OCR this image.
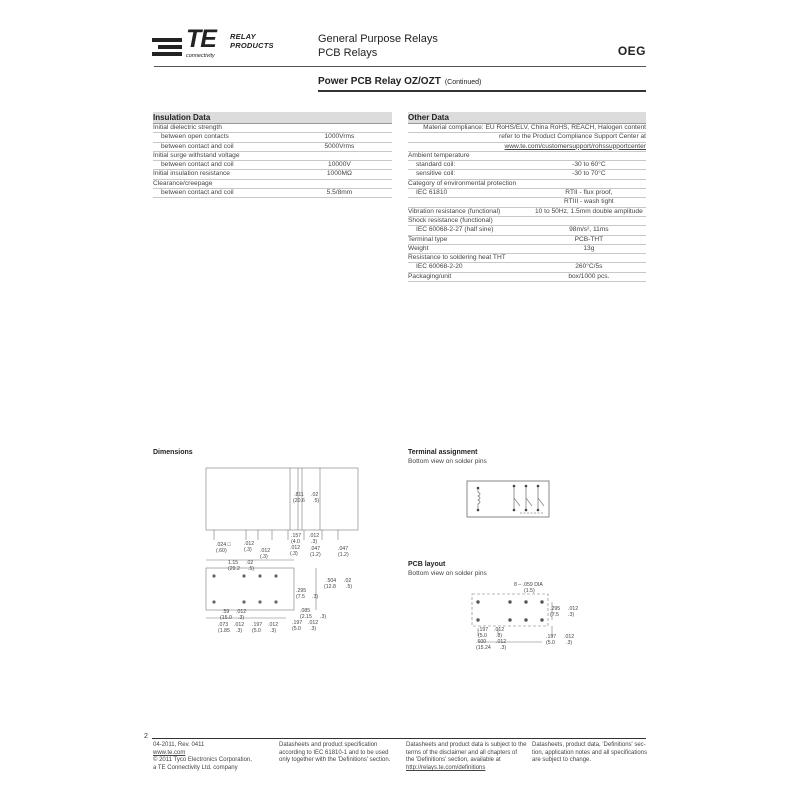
TE RELAY
PRODUCTS
connectivity
General Purpose Relays
PCB Relays	OEG
Power PCB Relay OZ/OZT (Continued)
Insulation Data
Initial dielectric strength	
between open contacts	1000Vrms
between contact and coil	5000Vrms
Initial surge withstand voltage	
between contact and coil	10000V
Initial insulation resistance	1000MΩ
Clearance/creepage	
between contact and coil	5.5/8mm
Other Data
Material compliance: EU RoHS/ELV, China RoHS, REACH, Halogen content	
refer to the Product Compliance Support Center at	
www.te.com/customersupport/rohssupportcenter	
Ambient temperature	
standard coil:	-30 to 60°C
sensitive coil:	-30 to 70°C
Category of environmental protection	
IEC 61810	RTII - flux proof,
	RTIII - wash tight
Vibration resistance (functional)	10 to 50Hz, 1.5mm double amplitude
Shock resistance (functional)	
IEC 60068-2-27 (half sine)	98m/s², 11ms
Terminal type	PCB-THT
Weight	13g
Resistance to soldering heat THT	
IEC 60068-2-20	260°C/5s
Packaging/unit	box/1000 pcs.
Dimensions
.811 .02
(20.6 .5)
.157 .012
(4.0 .3)
.024 □
(.60)
.012
(.3) .012
(.3)
.012
(.3)
.047
(1.2)
.047
(1.2)
1.15 .02
(29.2 .5)
.504 .02
(12.8 .5)
.295
(7.5 .3)
.59 .012
(15.0 .3)
.073 .012
(1.85 .3)
.197 .012
(5.0 .3)
.085
(2.15 .3)
.197 .012
(5.0 .3)
Terminal assignment
Bottom view on solder pins
PCB layout
Bottom view on solder pins
8 – .059 DIA
(1.5)
.295 .012
(7.5 .3)
.197 .012
(5.0 .3)
.600 .012
(15.24 .3)
.197 .012
(5.0 .3)
2
04-2011, Rev. 0411
www.te.com
© 2011 Tyco Electronics Corporation,
a TE Connectivity Ltd. company
Datasheets and product specification
according to IEC 61810-1 and to be used
only together with the 'Definitions' section.
Datasheets and product data is subject to the
terms of the disclaimer and all chapters of
the 'Definitions' section, available at
http://relays.te.com/definitions
Datasheets, product data, 'Definitions' sec-
tion, application notes and all specifications
are subject to change.
